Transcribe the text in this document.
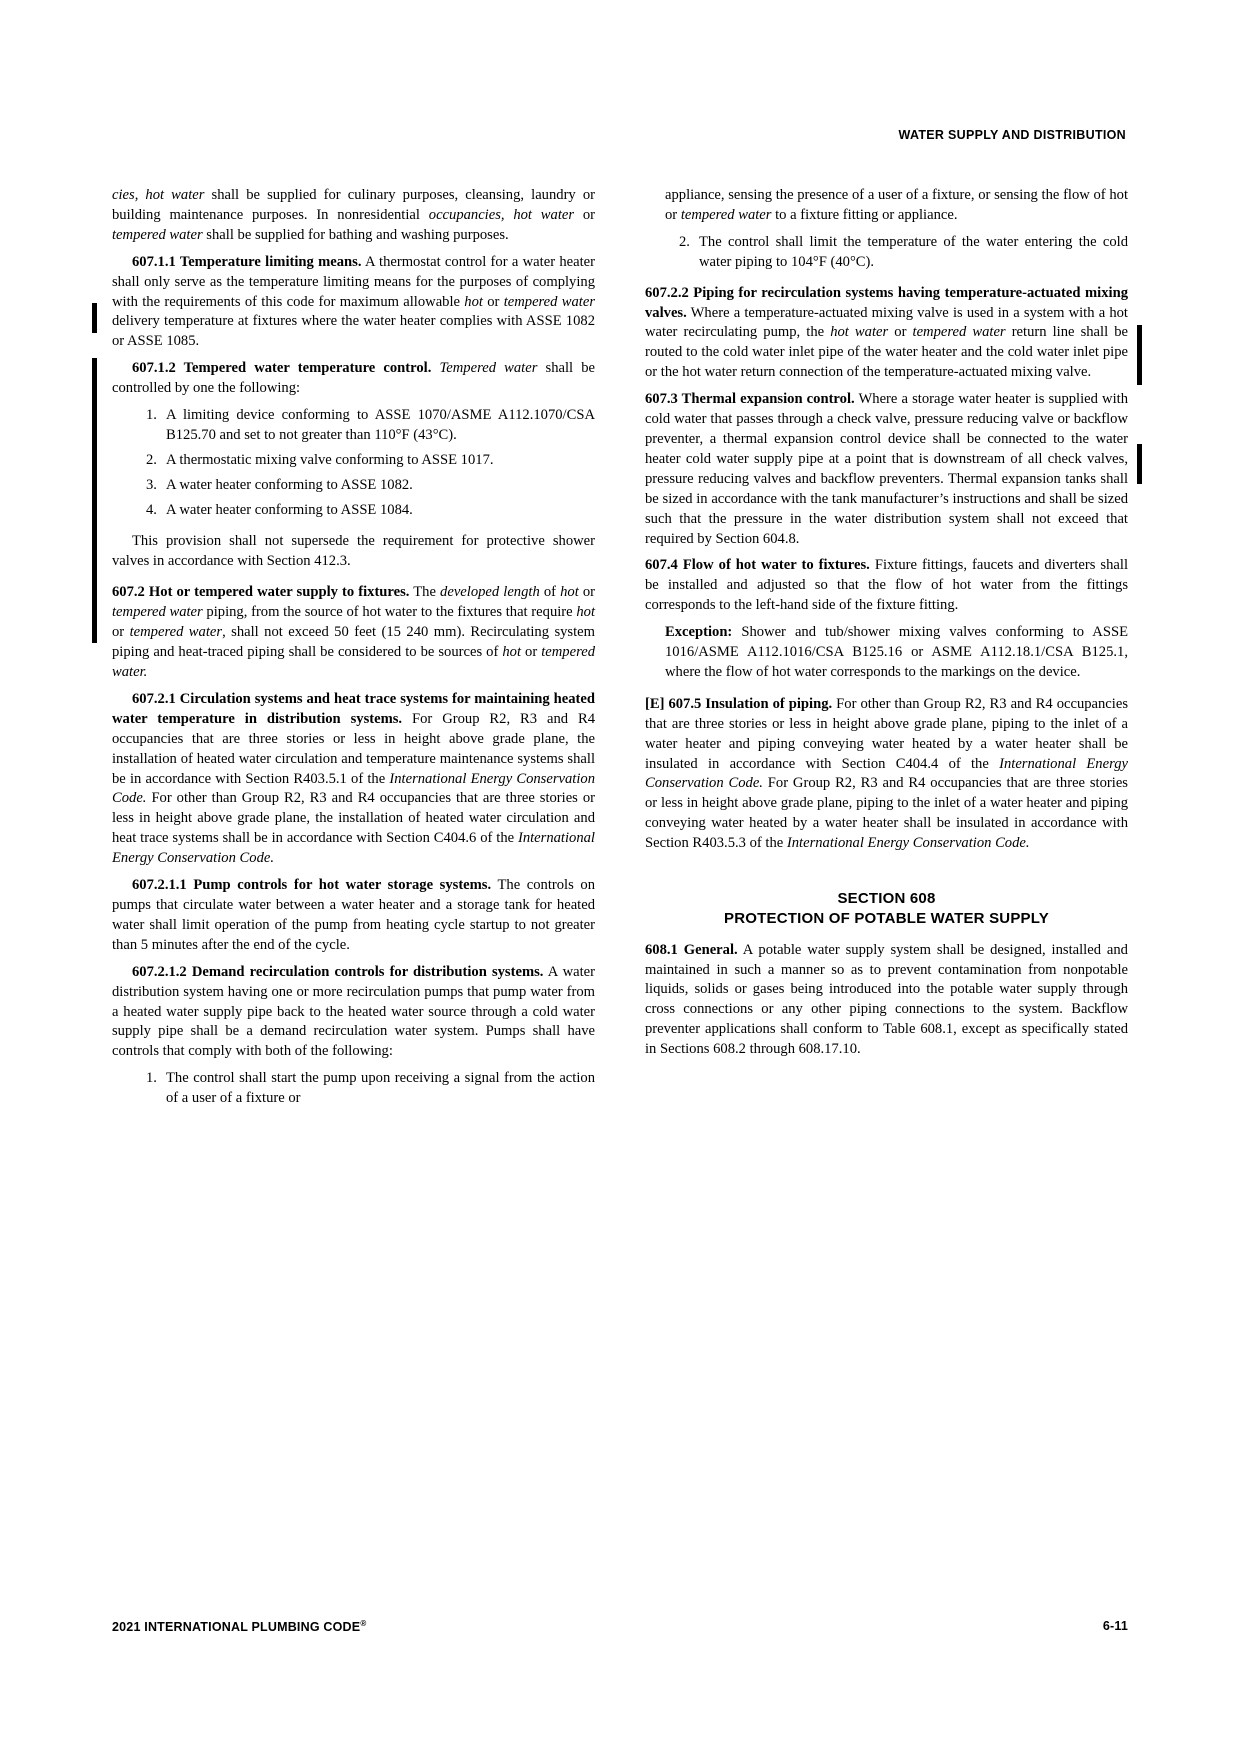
WATER SUPPLY AND DISTRIBUTION

cies, hot water shall be supplied for culinary purposes, cleansing, laundry or building maintenance purposes. In nonresidential occupancies, hot water or tempered water shall be supplied for bathing and washing purposes.

607.1.1 Temperature limiting means. A thermostat control for a water heater shall only serve as the temperature limiting means for the purposes of complying with the requirements of this code for maximum allowable hot or tempered water delivery temperature at fixtures where the water heater complies with ASSE 1082 or ASSE 1085.

607.1.2 Tempered water temperature control. Tempered water shall be controlled by one the following:

1. A limiting device conforming to ASSE 1070/ASME A112.1070/CSA B125.70 and set to not greater than 110°F (43°C).
2. A thermostatic mixing valve conforming to ASSE 1017.
3. A water heater conforming to ASSE 1082.
4. A water heater conforming to ASSE 1084.

This provision shall not supersede the requirement for protective shower valves in accordance with Section 412.3.

607.2 Hot or tempered water supply to fixtures. The developed length of hot or tempered water piping, from the source of hot water to the fixtures that require hot or tempered water, shall not exceed 50 feet (15 240 mm). Recirculating system piping and heat-traced piping shall be considered to be sources of hot or tempered water.

607.2.1 Circulation systems and heat trace systems for maintaining heated water temperature in distribution systems. For Group R2, R3 and R4 occupancies that are three stories or less in height above grade plane, the installation of heated water circulation and temperature maintenance systems shall be in accordance with Section R403.5.1 of the International Energy Conservation Code. For other than Group R2, R3 and R4 occupancies that are three stories or less in height above grade plane, the installation of heated water circulation and heat trace systems shall be in accordance with Section C404.6 of the International Energy Conservation Code.

607.2.1.1 Pump controls for hot water storage systems. The controls on pumps that circulate water between a water heater and a storage tank for heated water shall limit operation of the pump from heating cycle startup to not greater than 5 minutes after the end of the cycle.

607.2.1.2 Demand recirculation controls for distribution systems. A water distribution system having one or more recirculation pumps that pump water from a heated water supply pipe back to the heated water source through a cold water supply pipe shall be a demand recirculation water system. Pumps shall have controls that comply with both of the following:

1. The control shall start the pump upon receiving a signal from the action of a user of a fixture or

appliance, sensing the presence of a user of a fixture, or sensing the flow of hot or tempered water to a fixture fitting or appliance.

2. The control shall limit the temperature of the water entering the cold water piping to 104°F (40°C).

607.2.2 Piping for recirculation systems having temperature-actuated mixing valves. Where a temperature-actuated mixing valve is used in a system with a hot water recirculating pump, the hot water or tempered water return line shall be routed to the cold water inlet pipe of the water heater and the cold water inlet pipe or the hot water return connection of the temperature-actuated mixing valve.

607.3 Thermal expansion control. Where a storage water heater is supplied with cold water that passes through a check valve, pressure reducing valve or backflow preventer, a thermal expansion control device shall be connected to the water heater cold water supply pipe at a point that is downstream of all check valves, pressure reducing valves and backflow preventers. Thermal expansion tanks shall be sized in accordance with the tank manufacturer’s instructions and shall be sized such that the pressure in the water distribution system shall not exceed that required by Section 604.8.

607.4 Flow of hot water to fixtures. Fixture fittings, faucets and diverters shall be installed and adjusted so that the flow of hot water from the fittings corresponds to the left-hand side of the fixture fitting.

Exception: Shower and tub/shower mixing valves conforming to ASSE 1016/ASME A112.1016/CSA B125.16 or ASME A112.18.1/CSA B125.1, where the flow of hot water corresponds to the markings on the device.

[E] 607.5 Insulation of piping. For other than Group R2, R3 and R4 occupancies that are three stories or less in height above grade plane, piping to the inlet of a water heater and piping conveying water heated by a water heater shall be insulated in accordance with Section C404.4 of the International Energy Conservation Code. For Group R2, R3 and R4 occupancies that are three stories or less in height above grade plane, piping to the inlet of a water heater and piping conveying water heated by a water heater shall be insulated in accordance with Section R403.5.3 of the International Energy Conservation Code.

SECTION 608
PROTECTION OF POTABLE WATER SUPPLY

608.1 General. A potable water supply system shall be designed, installed and maintained in such a manner so as to prevent contamination from nonpotable liquids, solids or gases being introduced into the potable water supply through cross connections or any other piping connections to the system. Backflow preventer applications shall conform to Table 608.1, except as specifically stated in Sections 608.2 through 608.17.10.

2021 INTERNATIONAL PLUMBING CODE®	6-11
